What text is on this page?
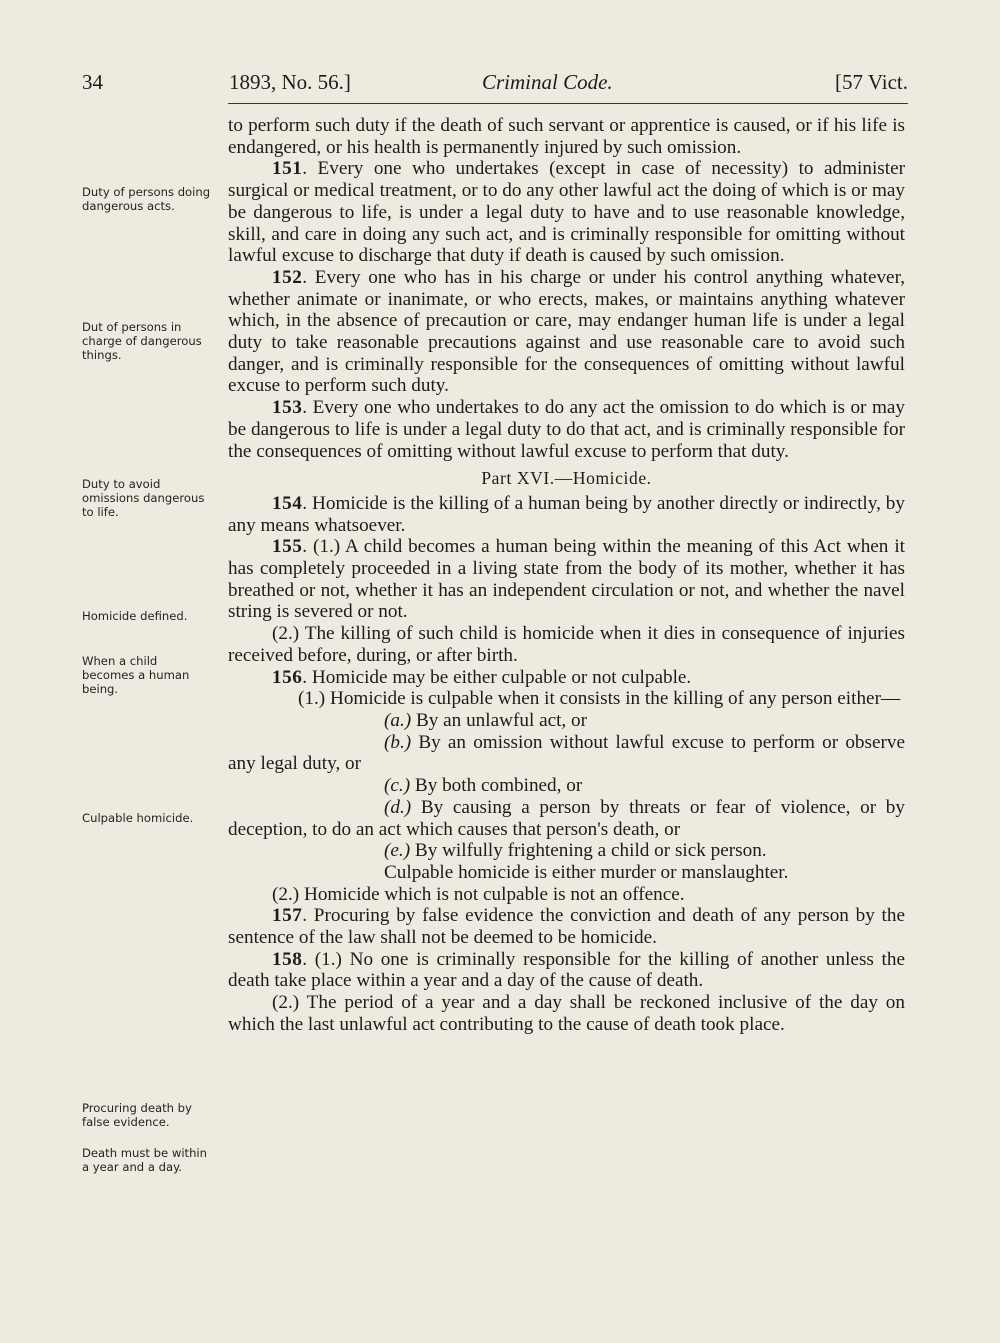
34	1893, No. 56.]	Criminal Code.	[57 Vict.
Duty of persons doing dangerous acts.
Dut of persons in charge of dangerous things.
Duty to avoid omissions dangerous to life.
Homicide defined.
When a child becomes a human being.
Culpable homicide.
Procuring death by false evidence.
Death must be within a year and a day.

to perform such duty if the death of such servant or apprentice is caused, or if his life is endangered, or his health is permanently injured by such omission.

151. Every one who undertakes (except in case of necessity) to administer surgical or medical treatment, or to do any other lawful act the doing of which is or may be dangerous to life, is under a legal duty to have and to use reasonable knowledge, skill, and care in doing any such act, and is criminally responsible for omitting without lawful excuse to discharge that duty if death is caused by such omission.

152. Every one who has in his charge or under his control anything whatever, whether animate or inanimate, or who erects, makes, or maintains anything whatever which, in the absence of precaution or care, may endanger human life is under a legal duty to take reasonable precautions against and use reasonable care to avoid such danger, and is criminally responsible for the consequences of omitting without lawful excuse to perform such duty.

153. Every one who undertakes to do any act the omission to do which is or may be dangerous to life is under a legal duty to do that act, and is criminally responsible for the consequences of omitting without lawful excuse to perform that duty.

Part XVI.—Homicide.

154. Homicide is the killing of a human being by another directly or indirectly, by any means whatsoever.

155. (1.) A child becomes a human being within the meaning of this Act when it has completely proceeded in a living state from the body of its mother, whether it has breathed or not, whether it has an independent circulation or not, and whether the navel string is severed or not.

(2.) The killing of such child is homicide when it dies in consequence of injuries received before, during, or after birth.

156. Homicide may be either culpable or not culpable.

(1.) Homicide is culpable when it consists in the killing of any person either—

(a.) By an unlawful act, or

(b.) By an omission without lawful excuse to perform or observe any legal duty, or

(c.) By both combined, or

(d.) By causing a person by threats or fear of violence, or by deception, to do an act which causes that person's death, or

(e.) By wilfully frightening a child or sick person.

Culpable homicide is either murder or manslaughter.

(2.) Homicide which is not culpable is not an offence.

157. Procuring by false evidence the conviction and death of any person by the sentence of the law shall not be deemed to be homicide.

158. (1.) No one is criminally responsible for the killing of another unless the death take place within a year and a day of the cause of death.

(2.) The period of a year and a day shall be reckoned inclusive of the day on which the last unlawful act contributing to the cause of death took place.
